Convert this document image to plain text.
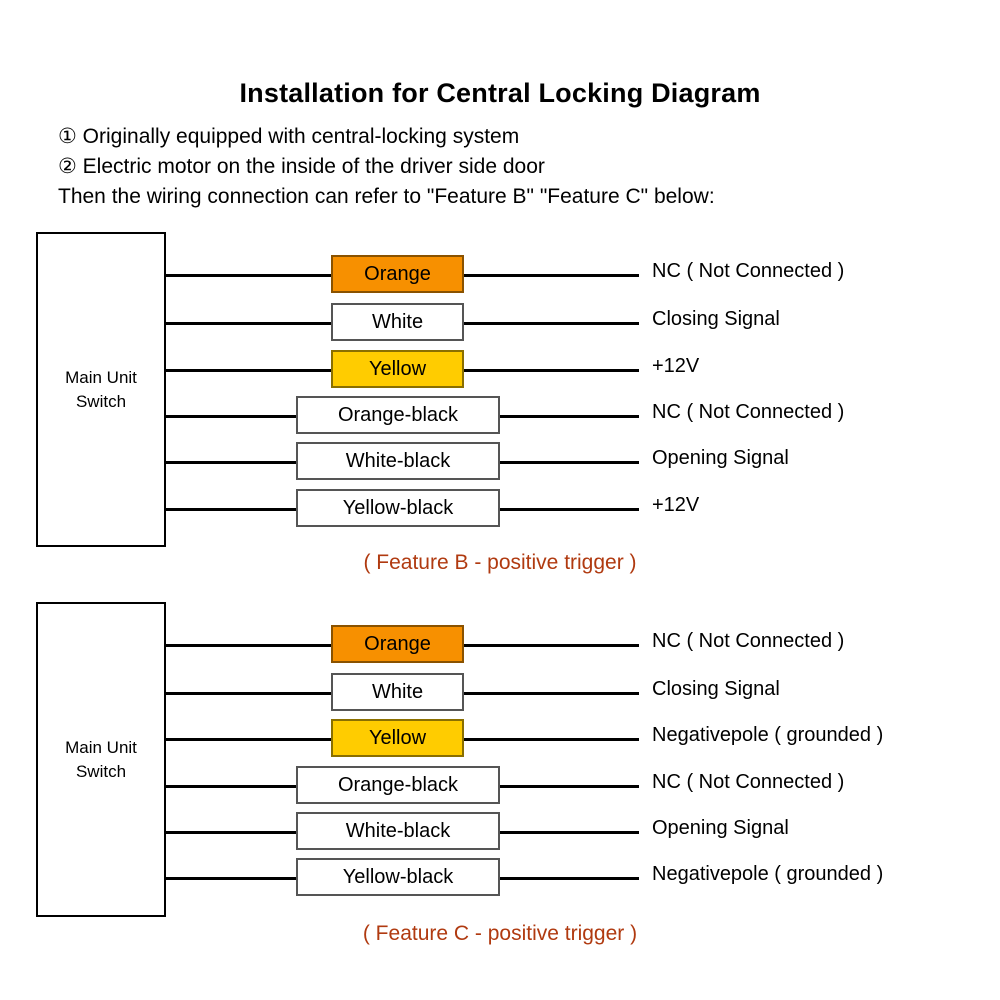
Installation for Central Locking Diagram
① Originally equipped with central-locking system
② Electric motor on the inside of the driver side door
Then the wiring connection can refer to "Feature B" "Feature C" below:
Main Unit
Switch
Orange	NC ( Not Connected )
White	Closing Signal
Yellow	+12V
Orange-black	NC ( Not Connected )
White-black	Opening Signal
Yellow-black	+12V
( Feature B - positive trigger )
Main Unit
Switch
Orange	NC ( Not Connected )
White	Closing Signal
Yellow	Negativepole ( grounded )
Orange-black	NC ( Not Connected )
White-black	Opening Signal
Yellow-black	Negativepole ( grounded )
( Feature C - positive trigger )
